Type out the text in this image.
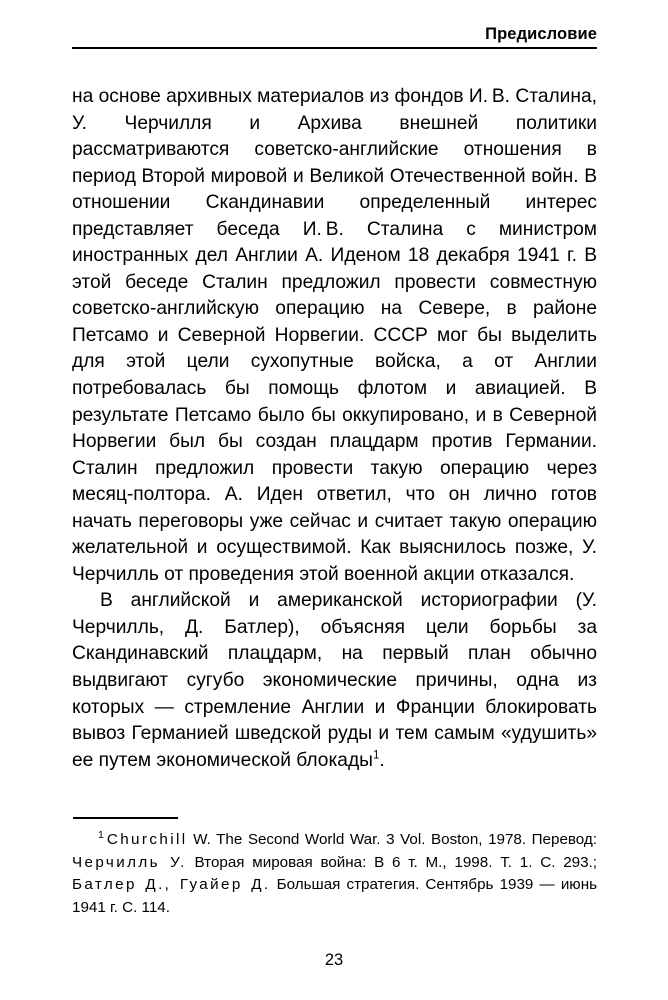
Предисловие

на основе архивных материалов из фондов И. В. Сталина, У. Черчилля и Архива внешней политики рассматриваются советско-английские отношения в период Второй мировой и Великой Отечественной войн. В отношении Скандинавии определенный интерес представляет беседа И. В. Сталина с министром иностранных дел Англии А. Иденом 18 декабря 1941 г. В этой беседе Сталин предложил провести совместную советско-английскую операцию на Севере, в районе Петсамо и Северной Норвегии. СССР мог бы выделить для этой цели сухопутные войска, а от Англии потребовалась бы помощь флотом и авиацией. В результате Петсамо было бы оккупировано, и в Северной Норвегии был бы создан плацдарм против Германии. Сталин предложил провести такую операцию через месяц-полтора. А. Иден ответил, что он лично готов начать переговоры уже сейчас и считает такую операцию желательной и осуществимой. Как выяснилось позже, У. Черчилль от проведения этой военной акции отказался.

В английской и американской историографии (У. Черчилль, Д. Батлер), объясняя цели борьбы за Скандинавский плацдарм, на первый план обычно выдвигают сугубо экономические причины, одна из которых — стремление Англии и Франции блокировать вывоз Германией шведской руды и тем самым «удушить» ее путем экономической блокады$^1$.

$^1$ Churchill W. The Second World War. 3 Vol. Boston, 1978. Перевод: Черчилль У. Вторая мировая война: В 6 т. М., 1998. Т. 1. С. 293.; Батлер Д., Гуайер Д. Большая стратегия. Сентябрь 1939 — июнь 1941 г. С. 114.

23
